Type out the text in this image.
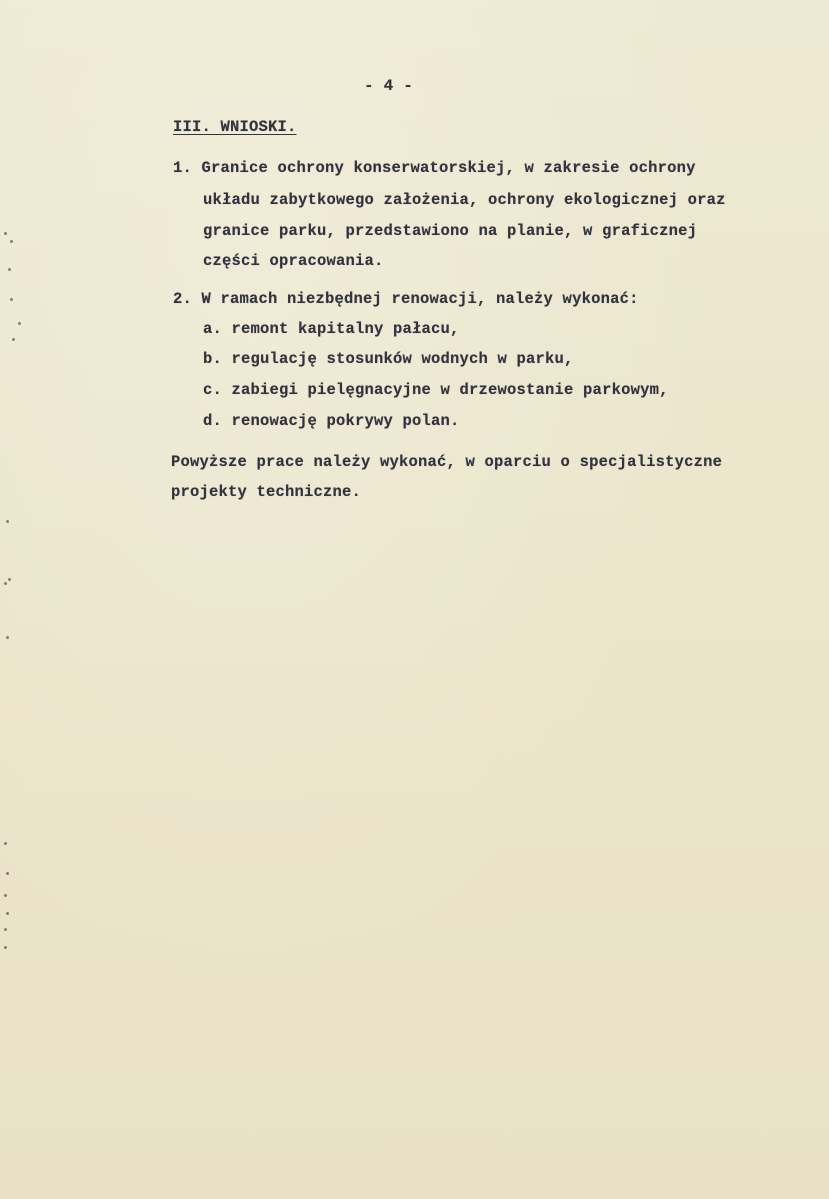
- 4 -
III. WNIOSKI.
1. Granice ochrony konserwatorskiej, w zakresie ochrony
układu zabytkowego założenia, ochrony ekologicznej oraz
granice parku, przedstawiono na planie, w graficznej
części opracowania.
2. W ramach niezbędnej renowacji, należy wykonać:
a. remont kapitalny pałacu,
b. regulację stosunków wodnych w parku,
c. zabiegi pielęgnacyjne w drzewostanie parkowym,
d. renowację pokrywy polan.
Powyższe prace należy wykonać, w oparciu o specjalistyczne
projekty techniczne.
